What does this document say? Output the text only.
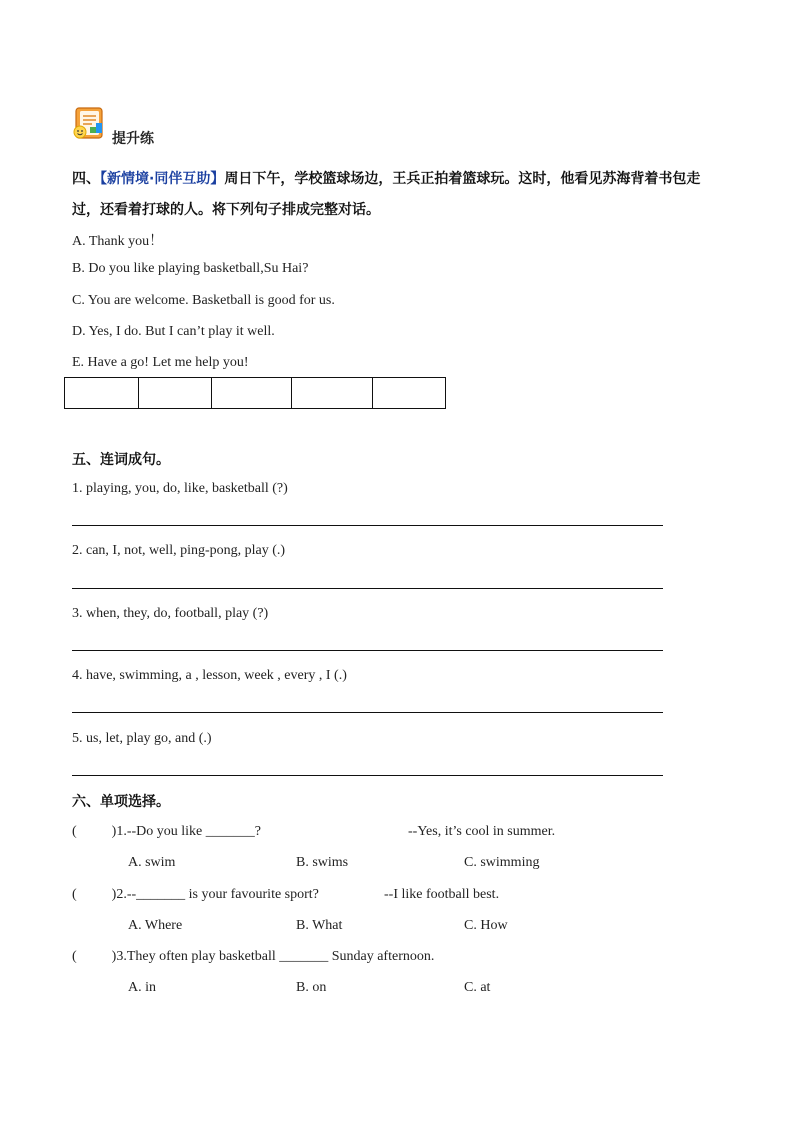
提升练
四、【新情境·同伴互助】周日下午，学校篮球场边，王兵正拍着篮球玩。这时，他看见苏海背着书包走过，还看着打球的人。将下列句子排成完整对话。
A. Thank you！
B. Do you like playing basketball,Su Hai?
C. You are welcome. Basketball is good for us.
D. Yes, I do. But I can’t play it well.
E. Have a go! Let me help you!

五、连词成句。
1. playing, you, do, like, basketball (?)
2. can, I, not, well, ping-pong, play (.)
3. when, they, do, football, play (?)
4. have, swimming, a , lesson, week , every , I (.)
5. us, let, play go, and (.)
六、单项选择。
(          )1.--Do you like _______?	--Yes, it’s cool in summer.
A. swim	B. swims	C. swimming
(          )2.--_______ is your favourite sport?	--I like football best.
A. Where	B. What	C. How
(          )3.They often play basketball _______ Sunday afternoon.
A. in	B. on	C. at
